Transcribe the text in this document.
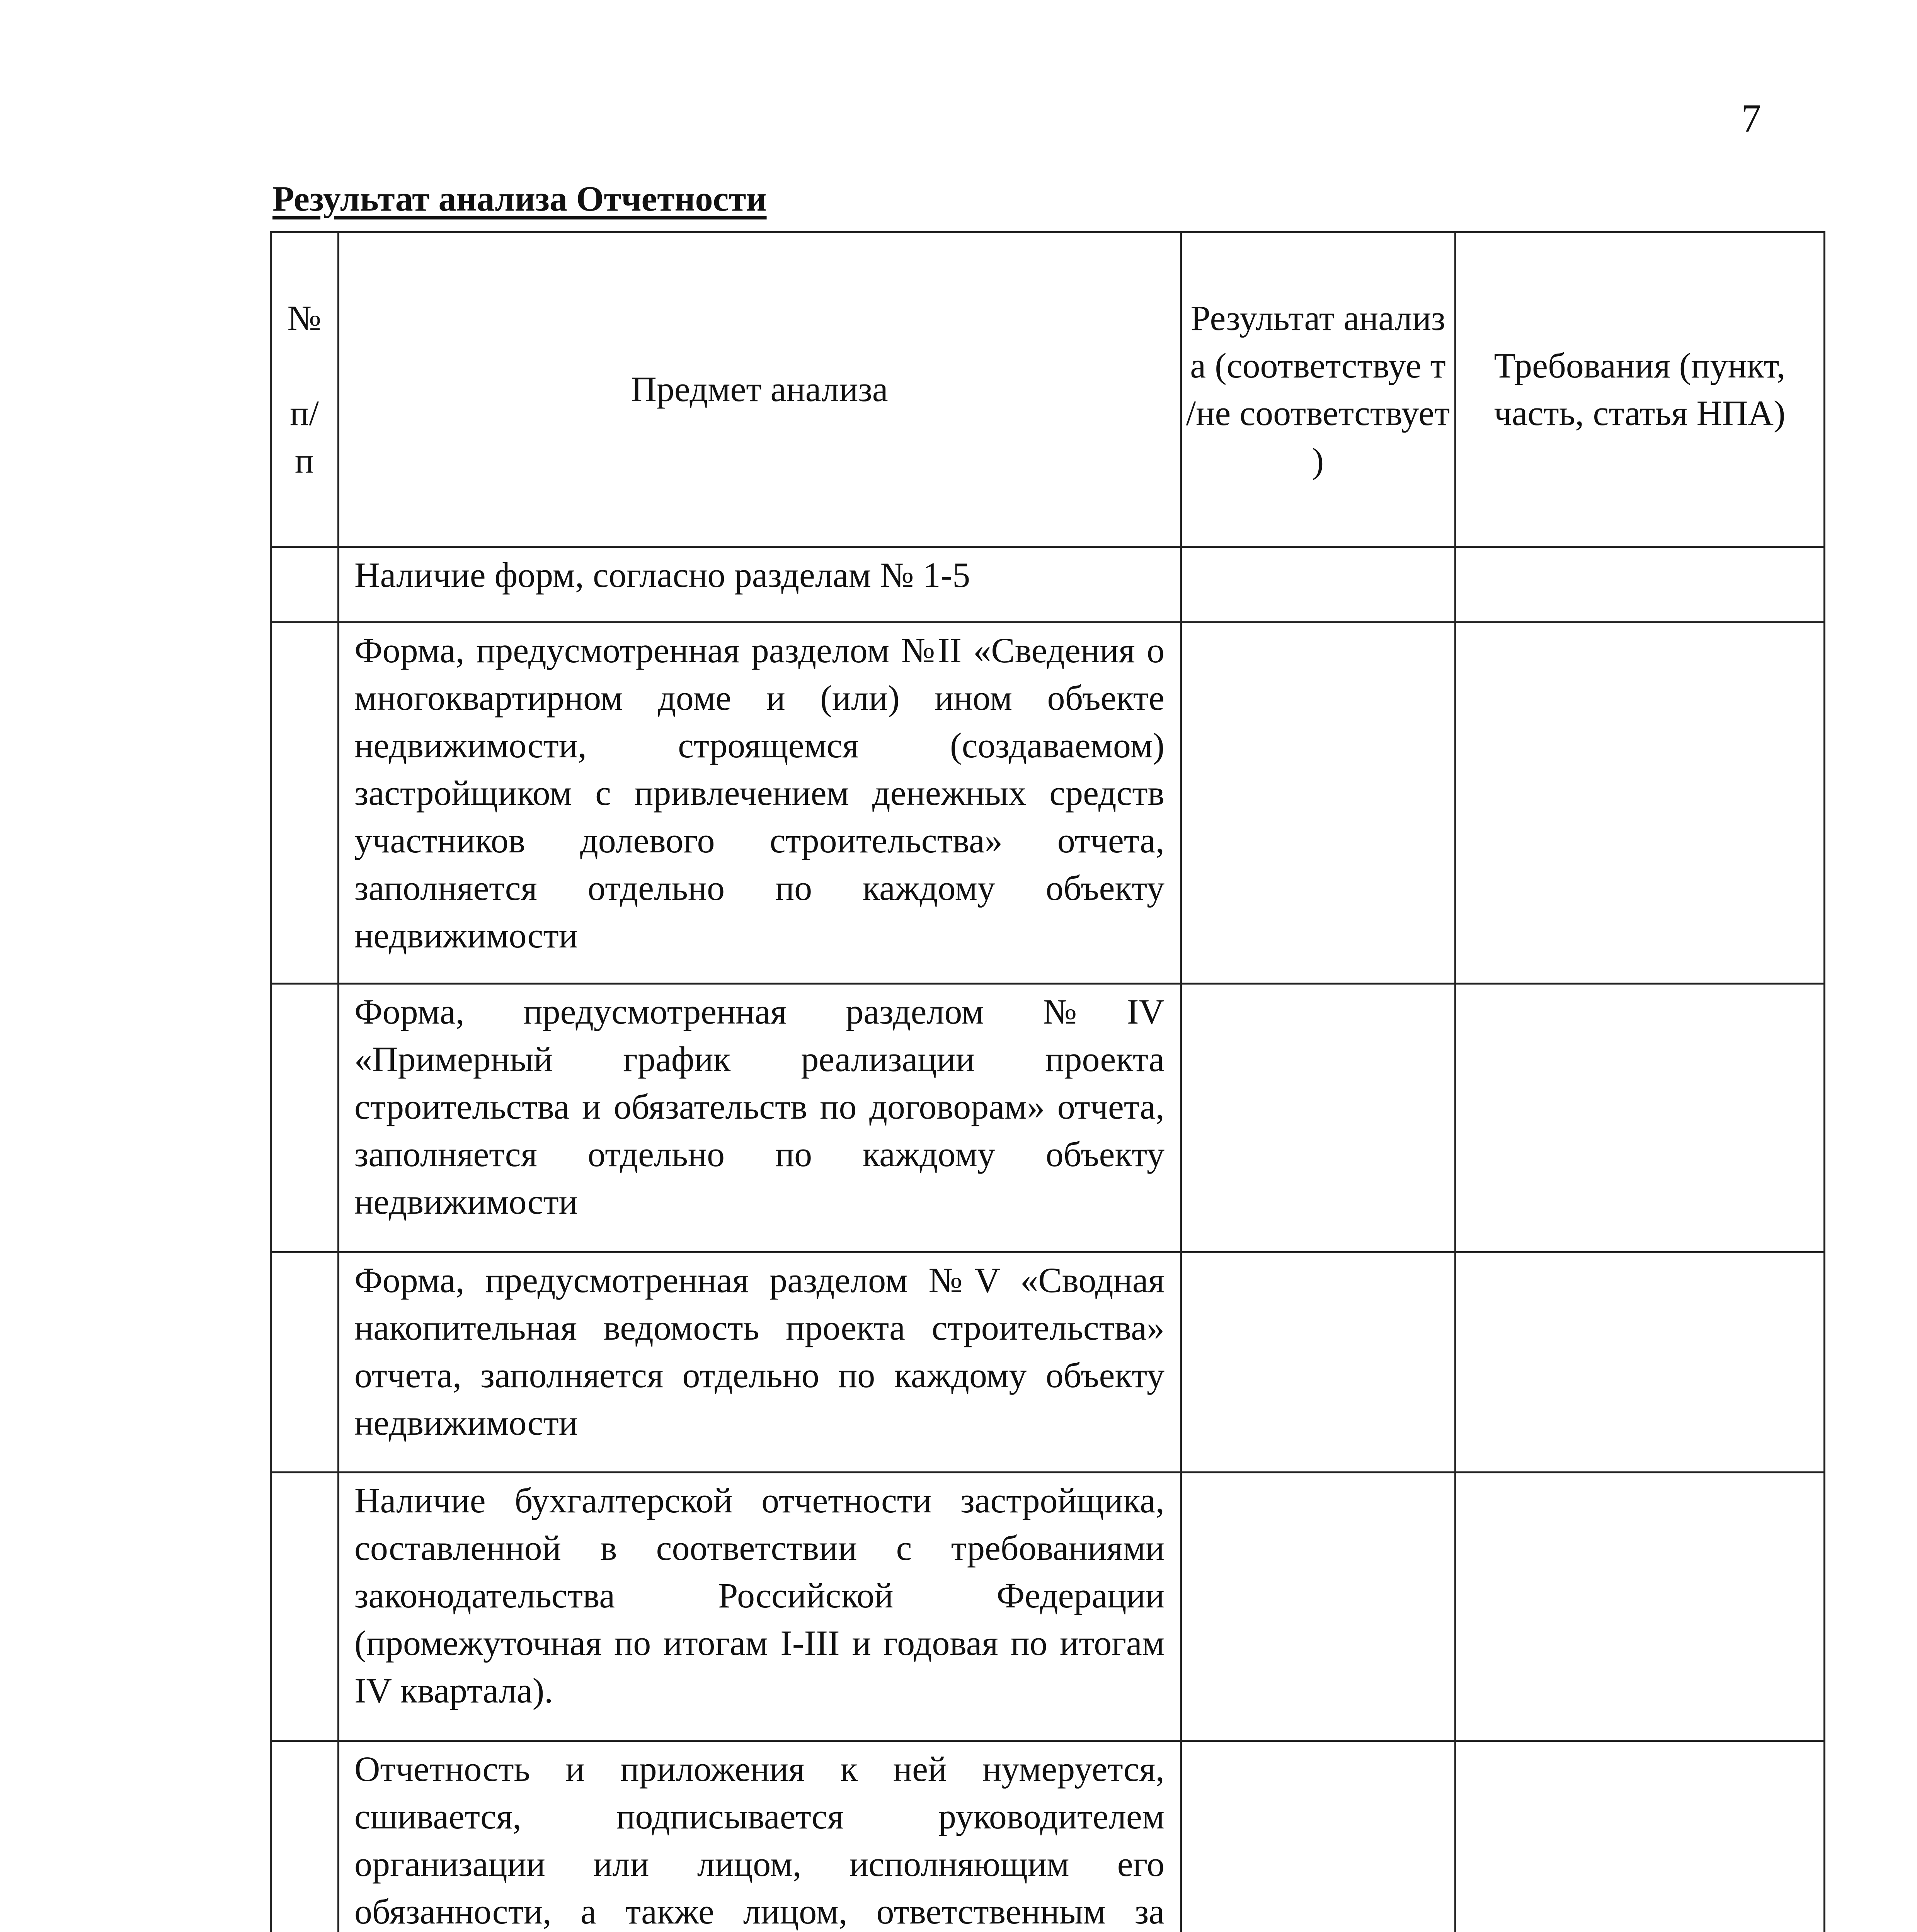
7
Результат анализа Отчетности
№

п/
п
Предмет анализа
Результат анализа (соответствуе т /не соответствует )
Требования (пункт, часть, статья НПА)
Наличие форм, согласно разделам № 1-5
Форма, предусмотренная разделом №II «Сведения о многоквартирном доме и (или) ином объекте недвижимости, строящемся (создаваемом) застройщиком с привлечением денежных средств участников долевого строительства» отчета, заполняется отдельно по каждому объекту недвижимости
Форма, предусмотренная разделом №IV «Примерный график реализации проекта строительства и обязательств по договорам» отчета, заполняется отдельно по каждому объекту недвижимости
Форма, предусмотренная разделом №V «Сводная накопительная ведомость проекта строительства» отчета, заполняется отдельно по каждому объекту недвижимости
Наличие бухгалтерской отчетности застройщика, составленной в соответствии с требованиями законодательства Российской Федерации (промежуточная по итогам I-III и годовая по итогам IV квартала).
Отчетность и приложения к ней нумеруется, сшивается, подписывается руководителем организации или лицом, исполняющим его обязанности, а также лицом, ответственным за
